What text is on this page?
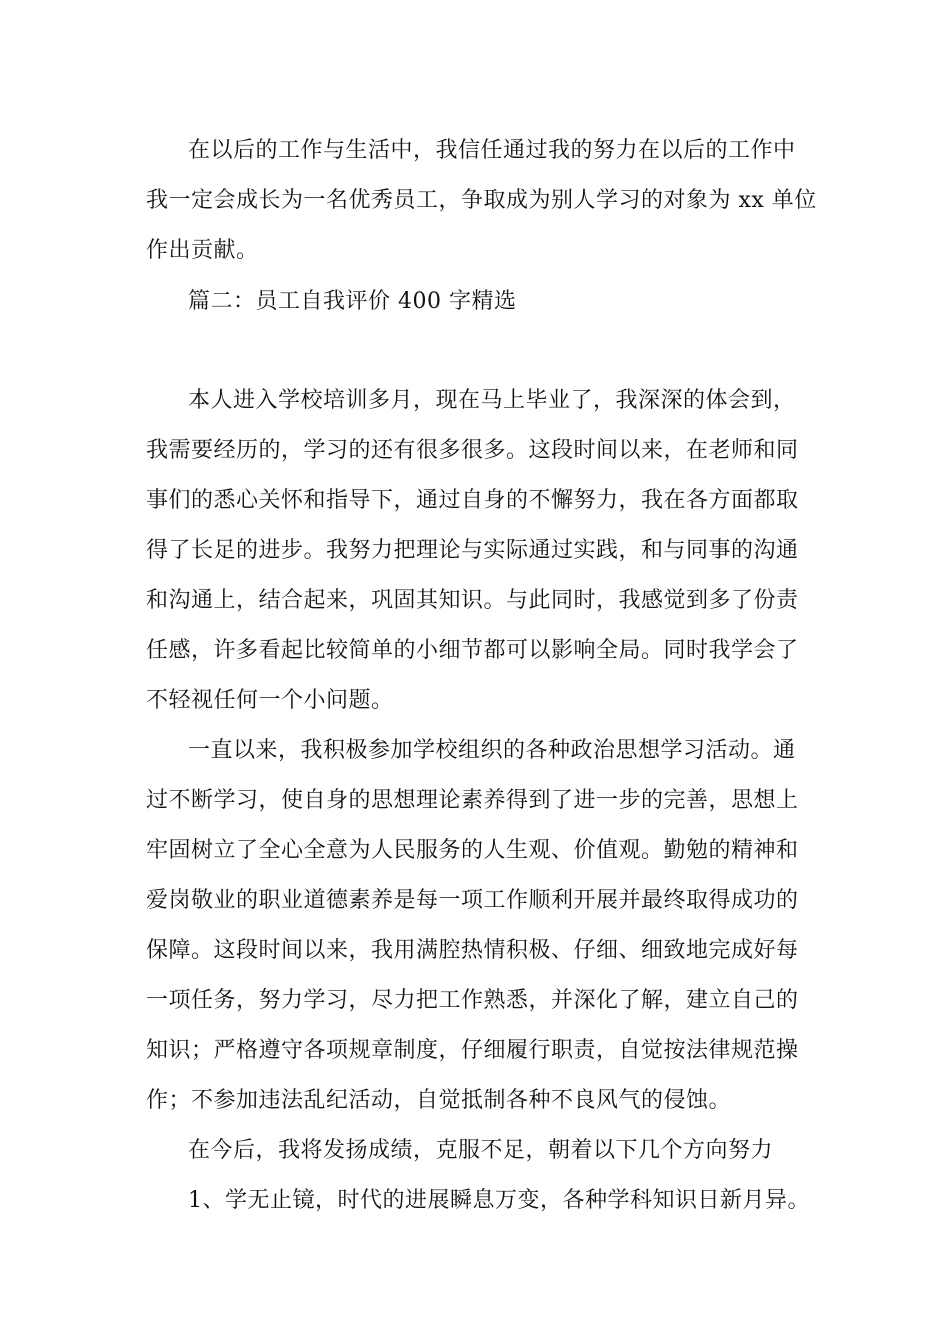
在以后的工作与生活中，我信任通过我的努力在以后的工作中
我一定会成长为一名优秀员工，争取成为别人学习的对象为 xx 单位
作出贡献。
篇二：员工自我评价 400 字精选
本人进入学校培训多月，现在马上毕业了，我深深的体会到，
我需要经历的，学习的还有很多很多。这段时间以来，在老师和同
事们的悉心关怀和指导下，通过自身的不懈努力，我在各方面都取
得了长足的进步。我努力把理论与实际通过实践，和与同事的沟通
和沟通上，结合起来，巩固其知识。与此同时，我感觉到多了份责
任感，许多看起比较简单的小细节都可以影响全局。同时我学会了
不轻视任何一个小问题。
一直以来，我积极参加学校组织的各种政治思想学习活动。通
过不断学习，使自身的思想理论素养得到了进一步的完善，思想上
牢固树立了全心全意为人民服务的人生观、价值观。勤勉的精神和
爱岗敬业的职业道德素养是每一项工作顺利开展并最终取得成功的
保障。这段时间以来，我用满腔热情积极、仔细、细致地完成好每
一项任务，努力学习，尽力把工作熟悉，并深化了解，建立自己的
知识；严格遵守各项规章制度，仔细履行职责，自觉按法律规范操
作；不参加违法乱纪活动，自觉抵制各种不良风气的侵蚀。
在今后，我将发扬成绩，克服不足，朝着以下几个方向努力
1、学无止镜，时代的进展瞬息万变，各种学科知识日新月异。
